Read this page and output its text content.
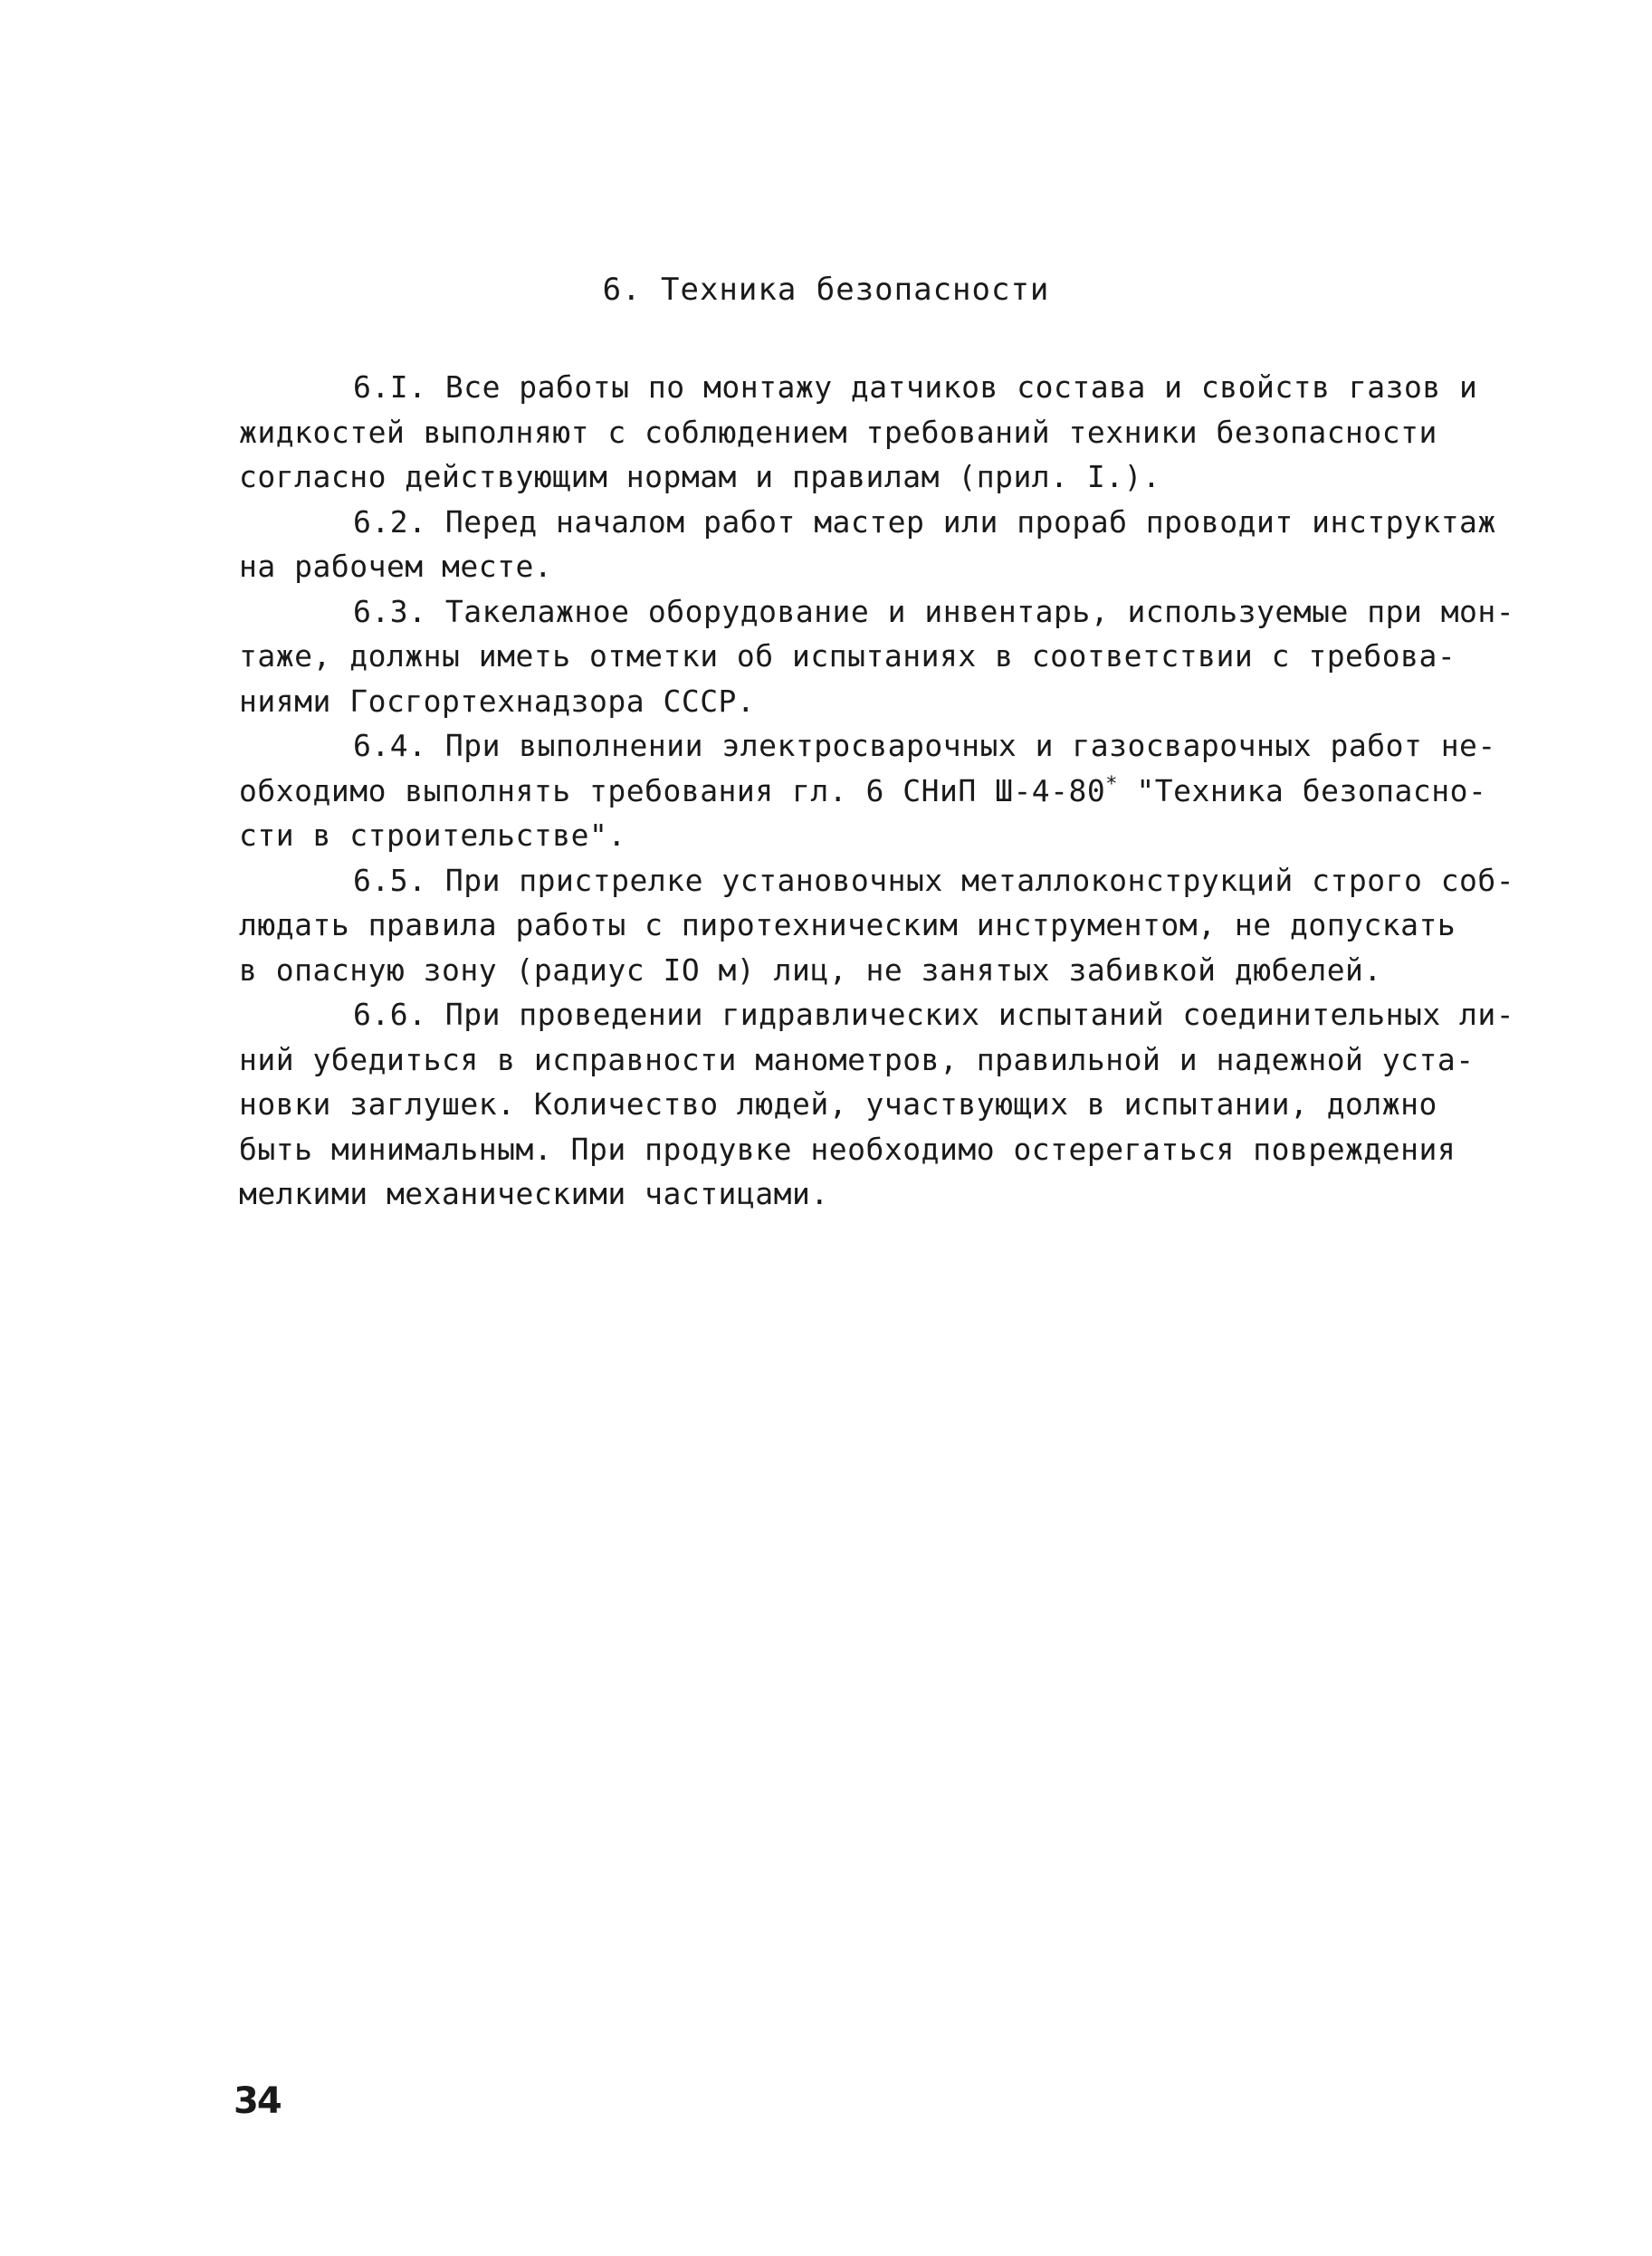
6. Техника безопасности
6.I. Все работы по монтажу датчиков состава и свойств газов и
жидкостей выполняют с соблюдением требований техники безопасности
согласно действующим нормам и правилам (прил. I.).
6.2. Перед началом работ мастер или прораб проводит инструктаж
на рабочем месте.
6.3. Такелажное оборудование и инвентарь, используемые при мон-
таже, должны иметь отметки об испытаниях в соответствии с требова-
ниями Госгортехнадзора СССР.
6.4. При выполнении электросварочных и газосварочных работ не-
обходимо выполнять требования гл. 6 СНиП Ш-4-80* "Техника безопасно-
сти в строительстве".
6.5. При пристрелке установочных металлоконструкций строго соб-
людать правила работы с пиротехническим инструментом, не допускать
в опасную зону (радиус IO м) лиц, не занятых забивкой дюбелей.
6.6. При проведении гидравлических испытаний соединительных ли-
ний убедиться в исправности манометров, правильной и надежной уста-
новки заглушек. Количество людей, участвующих в испытании, должно
быть минимальным. При продувке необходимо остерегаться повреждения
мелкими механическими частицами.
34
